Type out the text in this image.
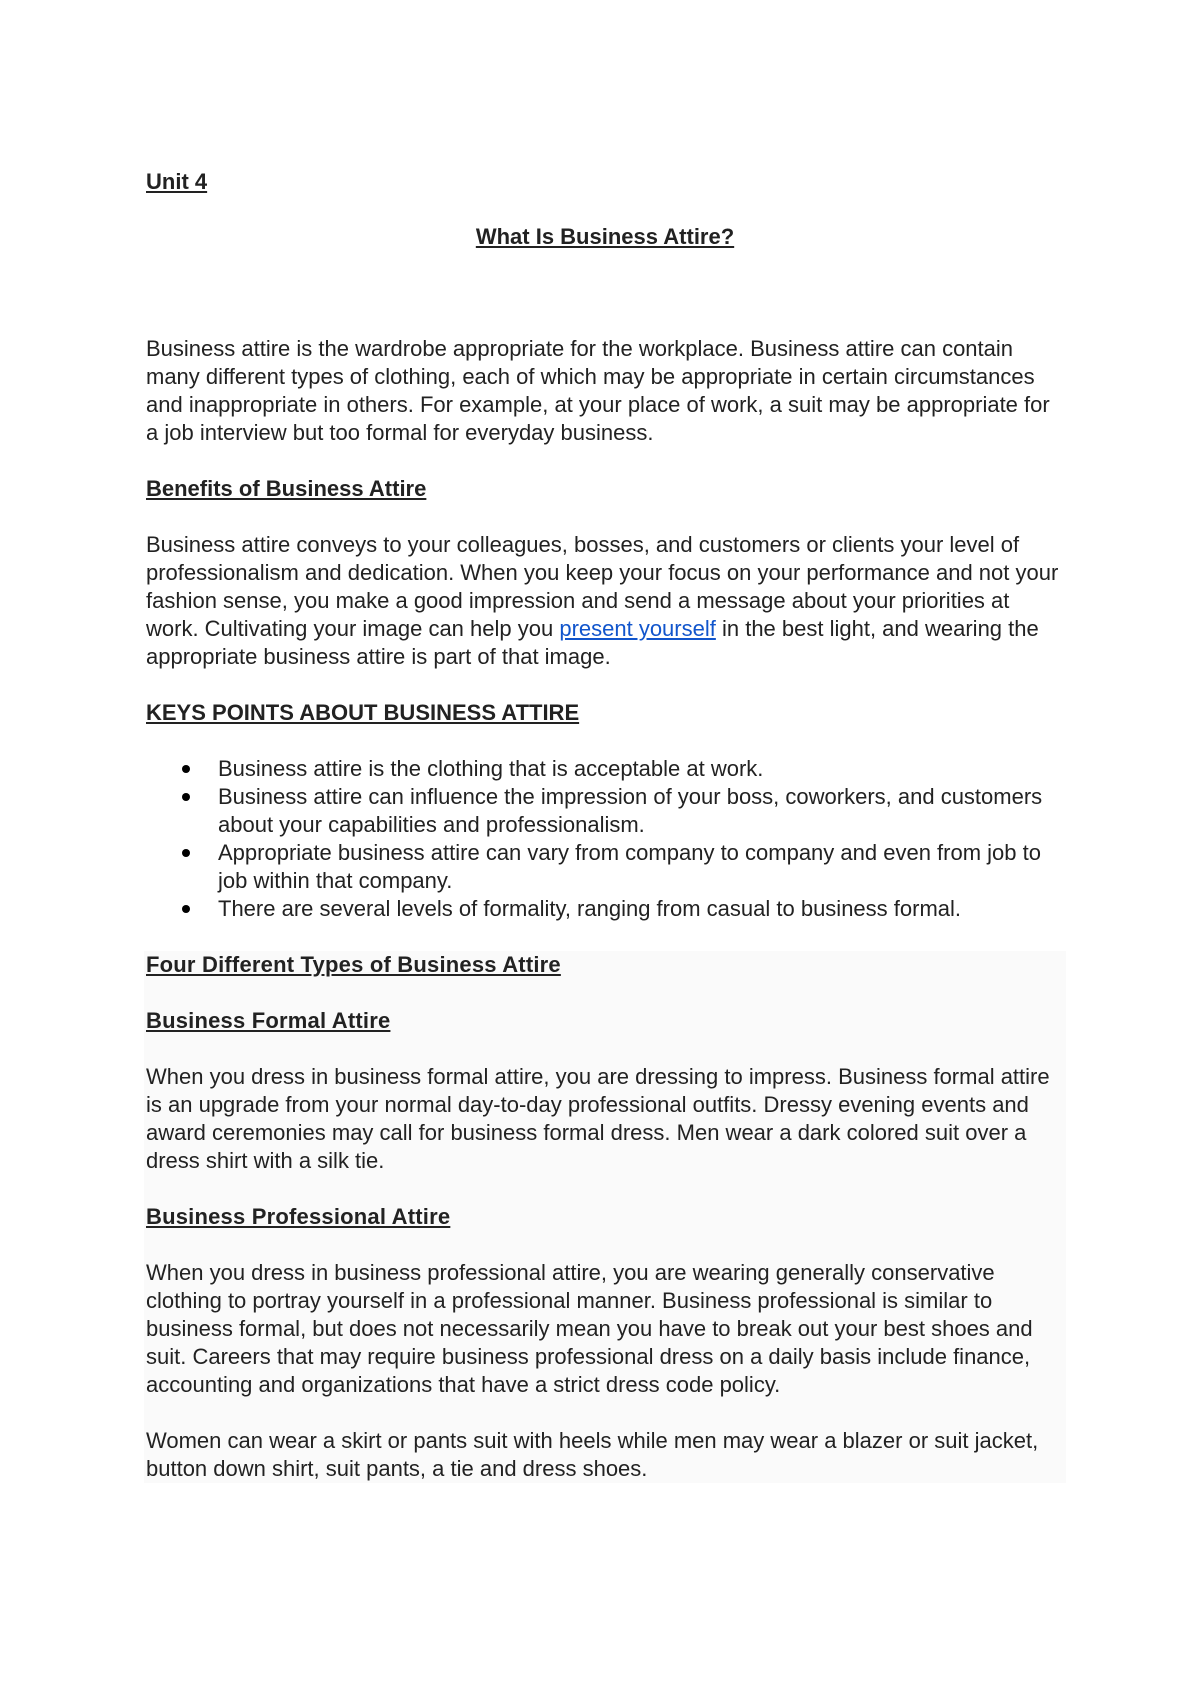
Unit 4
What Is Business Attire?

Business attire is the wardrobe appropriate for the workplace. Business attire can contain many different types of clothing, each of which may be appropriate in certain circumstances and inappropriate in others. For example, at your place of work, a suit may be appropriate for a job interview but too formal for everyday business.

Benefits of Business Attire

Business attire conveys to your colleagues, bosses, and customers or clients your level of professionalism and dedication. When you keep your focus on your performance and not your fashion sense, you make a good impression and send a message about your priorities at work. Cultivating your image can help you present yourself in the best light, and wearing the appropriate business attire is part of that image.

KEYS POINTS ABOUT BUSINESS ATTIRE
Business attire is the clothing that is acceptable at work.
Business attire can influence the impression of your boss, coworkers, and customers about your capabilities and professionalism.
Appropriate business attire can vary from company to company and even from job to job within that company.
There are several levels of formality, ranging from casual to business formal.
Four Different Types of Business Attire
Business Formal Attire

When you dress in business formal attire, you are dressing to impress. Business formal attire is an upgrade from your normal day-to-day professional outfits. Dressy evening events and award ceremonies may call for business formal dress. Men wear a dark colored suit over a dress shirt with a silk tie.

Business Professional Attire

When you dress in business professional attire, you are wearing generally conservative clothing to portray yourself in a professional manner. Business professional is similar to business formal, but does not necessarily mean you have to break out your best shoes and suit. Careers that may require business professional dress on a daily basis include finance, accounting and organizations that have a strict dress code policy.

Women can wear a skirt or pants suit with heels while men may wear a blazer or suit jacket, button down shirt, suit pants, a tie and dress shoes.
